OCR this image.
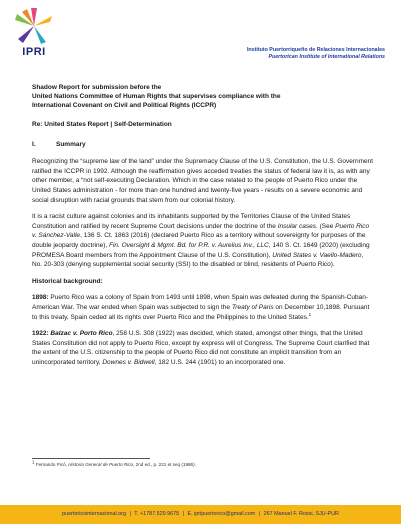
IPRI	Instituto Puertorriqueño de Relaciones Internacionales
Puertorican Institute of International Relations
Shadow Report for submission before the
United Nations Committee of Human Rights that supervises compliance with the
International Covenant on Civil and Political Rights (ICCPR)
Re: United States Report | Self-Determination
I.	Summary

Recognizing the “supreme law of the land” under the Supremacy Clause of the U.S. Constitution, the U.S. Government ratified the ICCPR in 1992. Although the reaffirmation gives acceded treaties the status of federal law it is, as with any other member, a “not self-executing Declaration. Which in the case related to the people of Puerto Rico under the United States administration - for more than one hundred and twenty-five years - results on a severe economic and social disruption with racial grounds that stem from our colonial history.

It is a racist culture against colonies and its inhabitants supported by the Territories Clause of the United States Constitution and ratified by recent Supreme Court decisions under the doctrine of the Insular cases. (See Puerto Rico v. Sánchez-Valle, 136 S. Ct. 1863 (2016) (declared Puerto Rico as a territory without sovereignty for purposes of the double jeopardy doctrine), Fin. Oversight & Mgmt. Bd. for P.R. v. Aurelius Inv., LLC, 140 S. Ct. 1649 (2020) (excluding PROMESA Board members from the Appointment Clause of the U.S. Constitution), United States v. Vaello-Madero, No. 20-303 (denying supplemental social security (SSI) to the disabled or blind, residents of Puerto Rico).

Historical background:

1898: Puerto Rico was a colony of Spain from 1493 until 1898, when Spain was defeated during the Spanish-Cuban-American War. The war ended when Spain was subjected to sign the Treaty of Paris on December 10,1898. Pursuant to this treaty, Spain ceded all its rights over Puerto Rico and the Philippines to the United States.$^1$

1922: Balzac v. Porto Rico, 258 U.S. 308 (1922) was decided, which stated, amongst other things, that the United States Constitution did not apply to Puerto Rico, except by express will of Congress. The Supreme Court clarified that the extent of the U.S. citizenship to the people of Puerto Rico did not constitute an implicit transition from an unincorporated territory, Downes v. Bidwell, 182 U.S. 244 (1901) to an incorporated one.

$^1$ Fernando Picó, Historia General de Puerto Rico, 2nd ed., p. 221 et seq (1986).
puertoricointernacional.org | T. +1787.529.9675 | E. ipripuertorico@gmail.com | 267 Manuel F. Rossi, SJU-PUR
